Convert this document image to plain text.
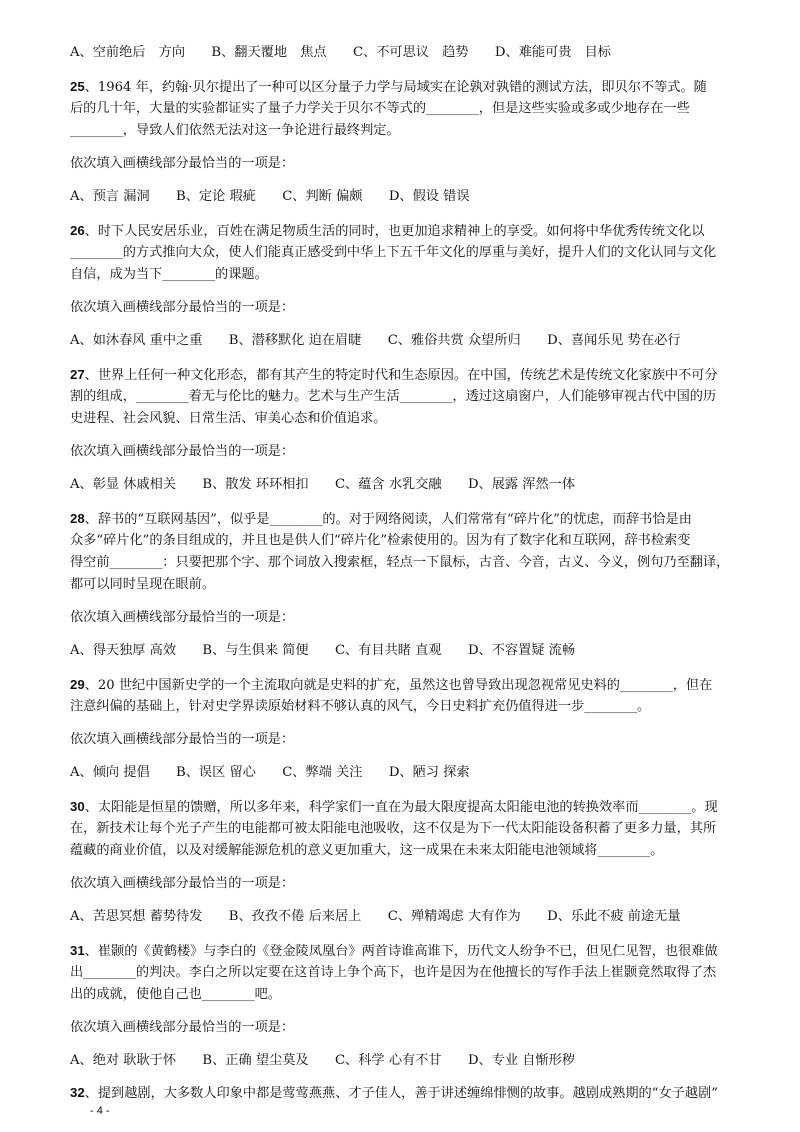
A、空前绝后　方向　　B、翻天覆地　焦点　　C、不可思议　趋势　　D、难能可贵　目标
25、1964 年，约翰·贝尔提出了一种可以区分量子力学与局域实在论孰对孰错的测试方法，即贝尔不等式。随
后的几十年，大量的实验都证实了量子力学关于贝尔不等式的________，但是这些实验或多或少地存在一些
________，导致人们依然无法对这一争论进行最终判定。
依次填入画横线部分最恰当的一项是：
A、预言 漏洞　　B、定论 瑕疵　　C、判断 偏颇　　D、假设 错误
26、时下人民安居乐业，百姓在满足物质生活的同时，也更加追求精神上的享受。如何将中华优秀传统文化以
________的方式推向大众，使人们能真正感受到中华上下五千年文化的厚重与美好，提升人们的文化认同与文化
自信，成为当下________的课题。
依次填入画横线部分最恰当的一项是：
A、如沐春风 重中之重　　B、潜移默化 迫在眉睫　　C、雅俗共赏 众望所归　　D、喜闻乐见 势在必行
27、世界上任何一种文化形态，都有其产生的特定时代和生态原因。在中国，传统艺术是传统文化家族中不可分
割的组成，________着无与伦比的魅力。艺术与生产生活________，透过这扇窗户，人们能够审视古代中国的历
史进程、社会风貌、日常生活、审美心态和价值追求。
依次填入画横线部分最恰当的一项是：
A、彰显 休戚相关　　B、散发 环环相扣　　C、蕴含 水乳交融　　D、展露 浑然一体
28、辞书的“互联网基因”，似乎是________的。对于网络阅读，人们常常有“碎片化”的忧虑，而辞书恰是由
众多“碎片化”的条目组成的，并且也是供人们“碎片化”检索使用的。因为有了数字化和互联网，辞书检索变
得空前________：只要把那个字、那个词放入搜索框，轻点一下鼠标，古音、今音，古义、今义，例句乃至翻译，
都可以同时呈现在眼前。
依次填入画横线部分最恰当的一项是：
A、得天独厚 高效　　B、与生俱来 简便　　C、有目共睹 直观　　D、不容置疑 流畅
29、20 世纪中国新史学的一个主流取向就是史料的扩充，虽然这也曾导致出现忽视常见史料的________，但在
注意纠偏的基础上，针对史学界读原始材料不够认真的风气，今日史料扩充仍值得进一步________。
依次填入画横线部分最恰当的一项是：
A、倾向 提倡　　B、误区 留心　　C、弊端 关注　　D、陋习 探索
30、太阳能是恒星的馈赠，所以多年来，科学家们一直在为最大限度提高太阳能电池的转换效率而________。现
在，新技术让每个光子产生的电能都可被太阳能电池吸收，这不仅是为下一代太阳能设备积蓄了更多力量，其所
蕴藏的商业价值，以及对缓解能源危机的意义更加重大，这一成果在未来太阳能电池领域将________。
依次填入画横线部分最恰当的一项是：
A、苦思冥想 蓄势待发　　B、孜孜不倦 后来居上　　C、殚精竭虑 大有作为　　D、乐此不疲 前途无量
31、崔颢的《黄鹤楼》与李白的《登金陵凤凰台》两首诗谁高谁下，历代文人纷争不已，但见仁见智，也很难做
出________的判决。李白之所以定要在这首诗上争个高下，也许是因为在他擅长的写作手法上崔颢竟然取得了杰
出的成就，使他自己也________吧。
依次填入画横线部分最恰当的一项是：
A、绝对 耿耿于怀　　B、正确 望尘莫及　　C、科学 心有不甘　　D、专业 自惭形秽
32、提到越剧，大多数人印象中都是莺莺燕燕、才子佳人，善于讲述缠绵悱恻的故事。越剧成熟期的“女子越剧”
- 4 -
